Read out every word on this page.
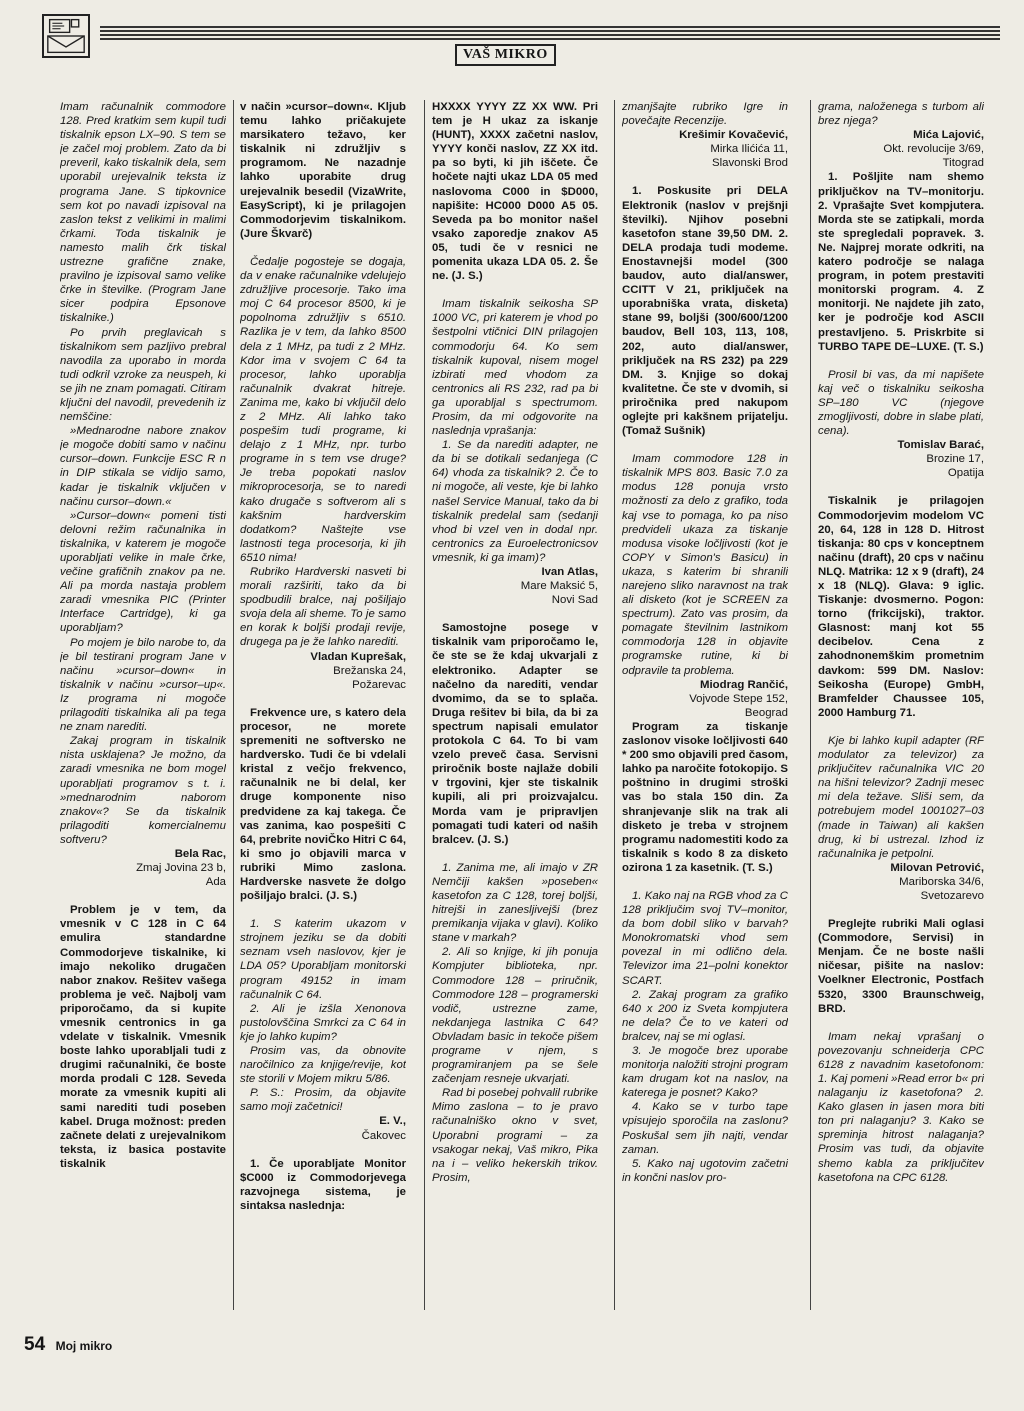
VAŠ MIKRO

Imam računalnik commodore 128. Pred kratkim sem kupil tudi tiskalnik epson LX–90. S tem se je začel moj problem. Zato da bi preveril, kako tiskalnik dela, sem uporabil urejevalnik teksta iz programa Jane. S tipkovnice sem kot po navadi izpisoval na zaslon tekst z velikimi in malimi črkami. Toda tiskalnik je namesto malih črk tiskal ustrezne grafične znake, pravilno je izpisoval samo velike črke in številke. (Program Jane sicer podpira Epsonove tiskalnike.)

Po prvih preglavicah s tiskalnikom sem pazljivo prebral navodila za uporabo in morda tudi odkril vzroke za neuspeh, ki se jih ne znam pomagati. Citiram ključni del navodil, prevedenih iz nemščine:

»Mednarodne nabore znakov je mogoče dobiti samo v načinu cursor–down. Funkcije ESC R n in DIP stikala se vidijo samo, kadar je tiskalnik vključen v načinu cursor–down.«

»Cursor–down« pomeni tisti delovni režim računalnika in tiskalnika, v katerem je mogoče uporabljati velike in male črke, večine grafičnih znakov pa ne. Ali pa morda nastaja problem zaradi vmesnika PIC (Printer Interface Cartridge), ki ga uporabljam?

Po mojem je bilo narobe to, da je bil testirani program Jane v načinu »cursor–down« in tiskalnik v načinu »cursor–up«. Iz programa ni mogoče prilagoditi tiskalnika ali pa tega ne znam narediti.

Zakaj program in tiskalnik nista usklajena? Je možno, da zaradi vmesnika ne bom mogel uporabljati programov s t. i. »mednarodnim naborom znakov«? Se da tiskalnik prilagoditi komercialnemu softveru?

Bela Rac,

Zmaj Jovina 23 b,

Ada

Problem je v tem, da vmesnik v C 128 in C 64 emulira standardne Commodorjeve tiskalnike, ki imajo nekoliko drugačen nabor znakov. Rešitev vašega problema je več. Najbolj vam priporočamo, da si kupite vmesnik centronics in ga vdelate v tiskalnik. Vmesnik boste lahko uporabljali tudi z drugimi računalniki, če boste morda prodali C 128. Seveda morate za vmesnik kupiti ali sami narediti tudi poseben kabel. Druga možnost: preden začnete delati z urejevalnikom teksta, iz basica postavite tiskalnik

v način »cursor–down«. Kljub temu lahko pričakujete marsikatero težavo, ker tiskalnik ni združljiv s programom. Ne nazadnje lahko uporabite drug urejevalnik besedil (VizaWrite, EasyScript), ki je prilagojen Commodorjevim tiskalnikom. (Jure Škvarč)

Čedalje pogosteje se dogaja, da v enake računalnike vdelujejo združljive procesorje. Tako ima moj C 64 procesor 8500, ki je popolnoma združljiv s 6510. Razlika je v tem, da lahko 8500 dela z 1 MHz, pa tudi z 2 MHz. Kdor ima v svojem C 64 ta procesor, lahko uporablja računalnik dvakrat hitreje. Zanima me, kako bi vključil delo z 2 MHz. Ali lahko tako pospešim tudi programe, ki delajo z 1 MHz, npr. turbo programe in s tem vse druge? Je treba popokati naslov mikroprocesorja, se to naredi kako drugače s softverom ali s kakšnim hardverskim dodatkom? Naštejte vse lastnosti tega procesorja, ki jih 6510 nima!

Rubriko Hardverski nasveti bi morali razširiti, tako da bi spodbudili bralce, naj pošiljajo svoja dela ali sheme. To je samo en korak k boljši prodaji revije, drugega pa je že lahko narediti.

Vladan Kuprešak,

Brežanska 24,

Požarevac

Frekvence ure, s katero dela procesor, ne morete spremeniti ne softversko ne hardversko. Tudi če bi vdelali kristal z večjo frekvenco, računalnik ne bi delal, ker druge komponente niso predvidene za kaj takega. Če vas zanima, kao pospešiti C 64, prebrite noviČko Hitri C 64, ki smo jo objavili marca v rubriki Mimo zaslona. Hardverske nasvete že dolgo pošiljajo bralci. (J. S.)

1. S katerim ukazom v strojnem jeziku se da dobiti seznam vseh naslovov, kjer je LDA 05? Uporabljam monitorski program 49152 in imam računalnik C 64.

2. Ali je izšla Xenonova pustolovščina Smrkci za C 64 in kje jo lahko kupim?

Prosim vas, da obnovite naročilnico za knjige/revije, kot ste storili v Mojem mikru 5/86.

P. S.: Prosim, da objavite samo moji začetnici!

E. V.,

Čakovec

1. Če uporabljate Monitor $C000 iz Commodorjevega razvojnega sistema, je sintaksa naslednja:

HXXXX YYYY ZZ XX WW. Pri tem je H ukaz za iskanje (HUNT), XXXX začetni naslov, YYYY konči naslov, ZZ XX itd. pa so byti, ki jih iščete. Če hočete najti ukaz LDA 05 med naslovoma C000 in $D000, napišite: HC000 D000 A5 05. Seveda pa bo monitor našel vsako zaporedje znakov A5 05, tudi če v resnici ne pomenita ukaza LDA 05. 2. Še ne. (J. S.)

Imam tiskalnik seikosha SP 1000 VC, pri katerem je vhod po šestpolni vtičnici DIN prilagojen commodorju 64. Ko sem tiskalnik kupoval, nisem mogel izbirati med vhodom za centronics ali RS 232, rad pa bi ga uporabljal s spectrumom. Prosim, da mi odgovorite na naslednja vprašanja:

1. Se da narediti adapter, ne da bi se dotikali sedanjega (C 64) vhoda za tiskalnik? 2. Če to ni mogoče, ali veste, kje bi lahko našel Service Manual, tako da bi tiskalnik predelal sam (sedanji vhod bi vzel ven in dodal npr. centronics za Euroelectronicsov vmesnik, ki ga imam)?

Ivan Atlas,

Mare Maksić 5,

Novi Sad

Samostojne posege v tiskalnik vam priporočamo le, če ste se že kdaj ukvarjali z elektroniko. Adapter se načelno da narediti, vendar dvomimo, da se to splača. Druga rešitev bi bila, da bi za spectrum napisali emulator protokola C 64. To bi vam vzelo preveč časa. Servisni priročnik boste najlaže dobili v trgovini, kjer ste tiskalnik kupili, ali pri proizvajalcu. Morda vam je pripravljen pomagati tudi kateri od naših bralcev. (J. S.)

1. Zanima me, ali imajo v ZR Nemčiji kakšen »poseben« kasetofon za C 128, torej boljši, hitrejši in zanesljivejši (brez premikanja vijaka v glavi). Koliko stane v markah?

2. Ali so knjige, ki jih ponuja Kompjuter biblioteka, npr. Commodore 128 – priručnik, Commodore 128 – programerski vodič, ustrezne zame, nekdanjega lastnika C 64? Obvladam basic in tekoče pišem programe v njem, s programiranjem pa se šele začenjam resneje ukvarjati.

Rad bi posebej pohvalil rubrike Mimo zaslona – to je pravo računalniško okno v svet, Uporabni programi – za vsakogar nekaj, Vaš mikro, Pika na i – veliko hekerskih trikov. Prosim,

zmanjšajte rubriko Igre in povečajte Recenzije.

Krešimir Kovačević,

Mirka Ilićića 11,

Slavonski Brod

1. Poskusite pri DELA Elektronik (naslov v prejšnji številki). Njihov posebni kasetofon stane 39,50 DM. 2. DELA prodaja tudi modeme. Enostavnejši model (300 baudov, auto dial/answer, CCITT V 21, priključek na uporabniška vrata, disketa) stane 99, boljši (300/600/1200 baudov, Bell 103, 113, 108, 202, auto dial/answer, priključek na RS 232) pa 229 DM. 3. Knjige so dokaj kvalitetne. Če ste v dvomih, si priročnika pred nakupom oglejte pri kakšnem prijatelju. (Tomaž Sušnik)

Imam commodore 128 in tiskalnik MPS 803. Basic 7.0 za modus 128 ponuja vrsto možnosti za delo z grafiko, toda kaj vse to pomaga, ko pa niso predvideli ukaza za tiskanje modusa visoke ločljivosti (kot je COPY v Simon's Basicu) in ukaza, s katerim bi shranili narejeno sliko naravnost na trak ali disketo (kot je SCREEN za spectrum). Zato vas prosim, da pomagate številnim lastnikom commodorja 128 in objavite programske rutine, ki bi odpravile ta problema.

Miodrag Rančić,

Vojvode Stepe 152,

Beograd

Program za tiskanje zaslonov visoke ločljivosti 640 * 200 smo objavili pred časom, lahko pa naročite fotokopijo. S poštnino in drugimi stroški vas bo stala 150 din. Za shranjevanje slik na trak ali disketo je treba v strojnem programu nadomestiti kodo za tiskalnik s kodo 8 za disketo ozirona 1 za kasetnik. (T. S.)

1. Kako naj na RGB vhod za C 128 priključim svoj TV–monitor, da bom dobil sliko v barvah? Monokromatski vhod sem povezal in mi odlično dela. Televizor ima 21–polni konektor SCART.

2. Zakaj program za grafiko 640 x 200 iz Sveta kompjutera ne dela? Če to ve kateri od bralcev, naj se mi oglasi.

3. Je mogoče brez uporabe monitorja naložiti strojni program kam drugam kot na naslov, na katerega je posnet? Kako?

4. Kako se v turbo tape vpisujejo sporočila na zaslonu? Poskušal sem jih najti, vendar zaman.

5. Kako naj ugotovim začetni in končni naslov pro-

grama, naloženega s turbom ali brez njega?

Mića Lajović,

Okt. revolucije 3/69,

Titograd

1. Pošljite nam shemo priključkov na TV–monitorju. 2. Vprašajte Svet kompjutera. Morda ste se zatipkali, morda ste spregledali popravek. 3. Ne. Najprej morate odkriti, na katero področje se nalaga program, in potem prestaviti monitorski program. 4. Z monitorji. Ne najdete jih zato, ker je področje kod ASCII prestavljeno. 5. Priskrbite si TURBO TAPE DE–LUXE. (T. S.)

Prosil bi vas, da mi napišete kaj več o tiskalniku seikosha SP–180 VC (njegove zmogljivosti, dobre in slabe plati, cena).

Tomislav Barać,

Brozine 17,

Opatija

Tiskalnik je prilagojen Commodorjevim modelom VC 20, 64, 128 in 128 D. Hitrost tiskanja: 80 cps v konceptnem načinu (draft), 20 cps v načinu NLQ. Matrika: 12 x 9 (draft), 24 x 18 (NLQ). Glava: 9 iglic. Tiskanje: dvosmerno. Pogon: torno (frikcijski), traktor. Glasnost: manj kot 55 decibelov. Cena z zahodnonemškim prometnim davkom: 599 DM. Naslov: Seikosha (Europe) GmbH, Bramfelder Chaussee 105, 2000 Hamburg 71.

Kje bi lahko kupil adapter (RF modulator za televizor) za priključitev računalnika VIC 20 na hišni televizor? Zadnji mesec mi dela težave. Sliši sem, da potrebujem model 1001027–03 (made in Taiwan) ali kakšen drug, ki bi ustrezal. Izhod iz računalnika je petpolni.

Milovan Petrović,

Mariborska 34/6,

Svetozarevo

Preglejte rubriki Mali oglasi (Commodore, Servisi) in Menjam. Če ne boste našli ničesar, pišite na naslov: Voelkner Electronic, Postfach 5320, 3300 Braunschweig, BRD.

Imam nekaj vprašanj o povezovanju schneiderja CPC 6128 z navadnim kasetofonom: 1. Kaj pomeni »Read error b« pri nalaganju iz kasetofona? 2. Kako glasen in jasen mora biti ton pri nalaganju? 3. Kako se spreminja hitrost nalaganja? Prosim vas tudi, da objavite shemo kabla za priključitev kasetofona na CPC 6128.

54 Moj mikro
